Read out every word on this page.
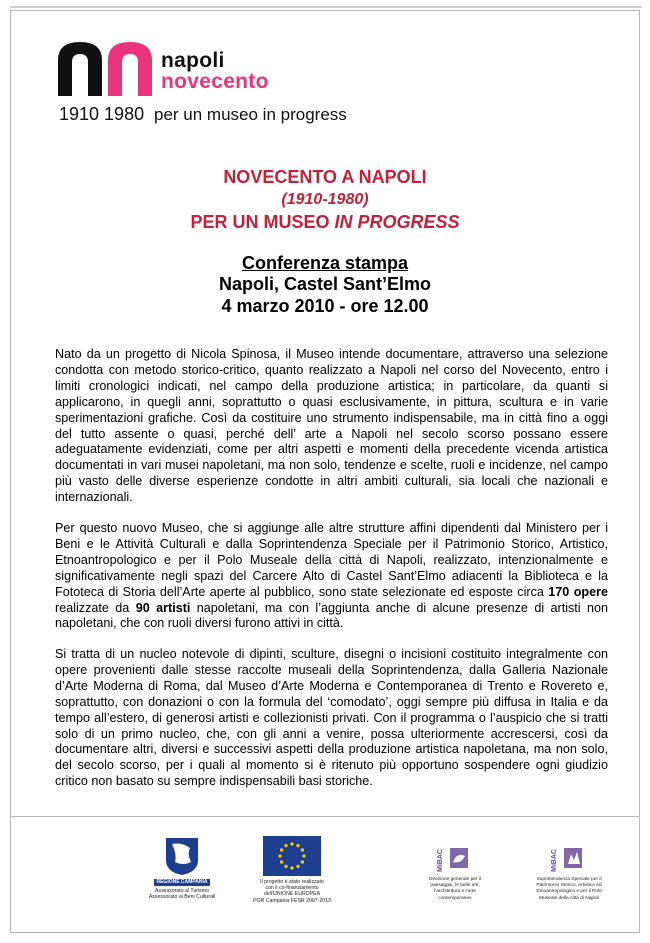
napoli
novecento
1910 1980 per un museo in progress
NOVECENTO A NAPOLI
(1910-1980)
PER UN MUSEO IN PROGRESS
Conferenza stampa
Napoli, Castel Sant’Elmo
4 marzo 2010 - ore 12.00
Nato da un progetto di Nicola Spinosa, il Museo intende documentare, attraverso una selezione condotta con metodo storico-critico, quanto realizzato a Napoli nel corso del Novecento, entro i limiti cronologici indicati, nel campo della produzione artistica; in particolare, da quanti si applicarono, in quegli anni, soprattutto o quasi esclusivamente, in pittura, scultura e in varie sperimentazioni grafiche. Così da costituire uno strumento indispensabile, ma in città fino a oggi del tutto assente o quasi, perché dell’ arte a Napoli nel secolo scorso possano essere adeguatamente evidenziati, come per altri aspetti e momenti della precedente vicenda artistica documentati in vari musei napoletani, ma non solo, tendenze e scelte, ruoli e incidenze, nel campo più vasto delle diverse esperienze condotte in altri ambiti culturali, sia locali che nazionali e internazionali.
Per questo nuovo Museo, che si aggiunge alle altre strutture affini dipendenti dal Ministero per i Beni e le Attività Culturali e dalla Soprintendenza Speciale per il Patrimonio Storico, Artistico, Etnoantropologico e per il Polo Museale della città di Napoli, realizzato, intenzionalmente e significativamente negli spazi del Carcere Alto di Castel Sant’Elmo adiacenti la Biblioteca e la Fototeca di Storia dell’Arte aperte al pubblico, sono state selezionate ed esposte circa 170 opere realizzate da 90 artisti napoletani, ma con l’aggiunta anche di alcune presenze di artisti non napoletani, che con ruoli diversi furono attivi in città.
Si tratta di un nucleo notevole di dipinti, sculture, disegni o incisioni costituito integralmente con opere provenienti dalle stesse raccolte museali della Soprintendenza, dalla Galleria Nazionale d’Arte Moderna di Roma, dal Museo d’Arte Moderna e Contemporanea di Trento e Rovereto e, soprattutto, con donazioni o con la formula del ‘comodato’, oggi sempre più diffusa in Italia e da tempo all’estero, di generosi artisti e collezionisti privati. Con il programma o l’auspicio che si tratti solo di un primo nucleo, che, con gli anni a venire, possa ulteriormente accrescersi, così da documentare altri, diversi e successivi aspetti della produzione artistica napoletana, ma non solo, del secolo scorso, per i quali al momento si è ritenuto più opportuno sospendere ogni giudizio critico non basato su sempre indispensabili basi storiche.
REGIONE CAMPANIA
Assessorato al Turismo
Assessorato ai Beni Culturali
Il progetto è stato realizzato
con il co-finanziamento
dell’UNIONE EUROPEA
POR Campania FESR 2007-2013
MiBAC
Direzione generale per il paesaggio, le belle arti, l’architettura e l’arte contemporanee
MiBAC
Soprintendenza Speciale per il Patrimonio Storico, Artistico ed Etnoantropologico e per il Polo Museale della città di Napoli
